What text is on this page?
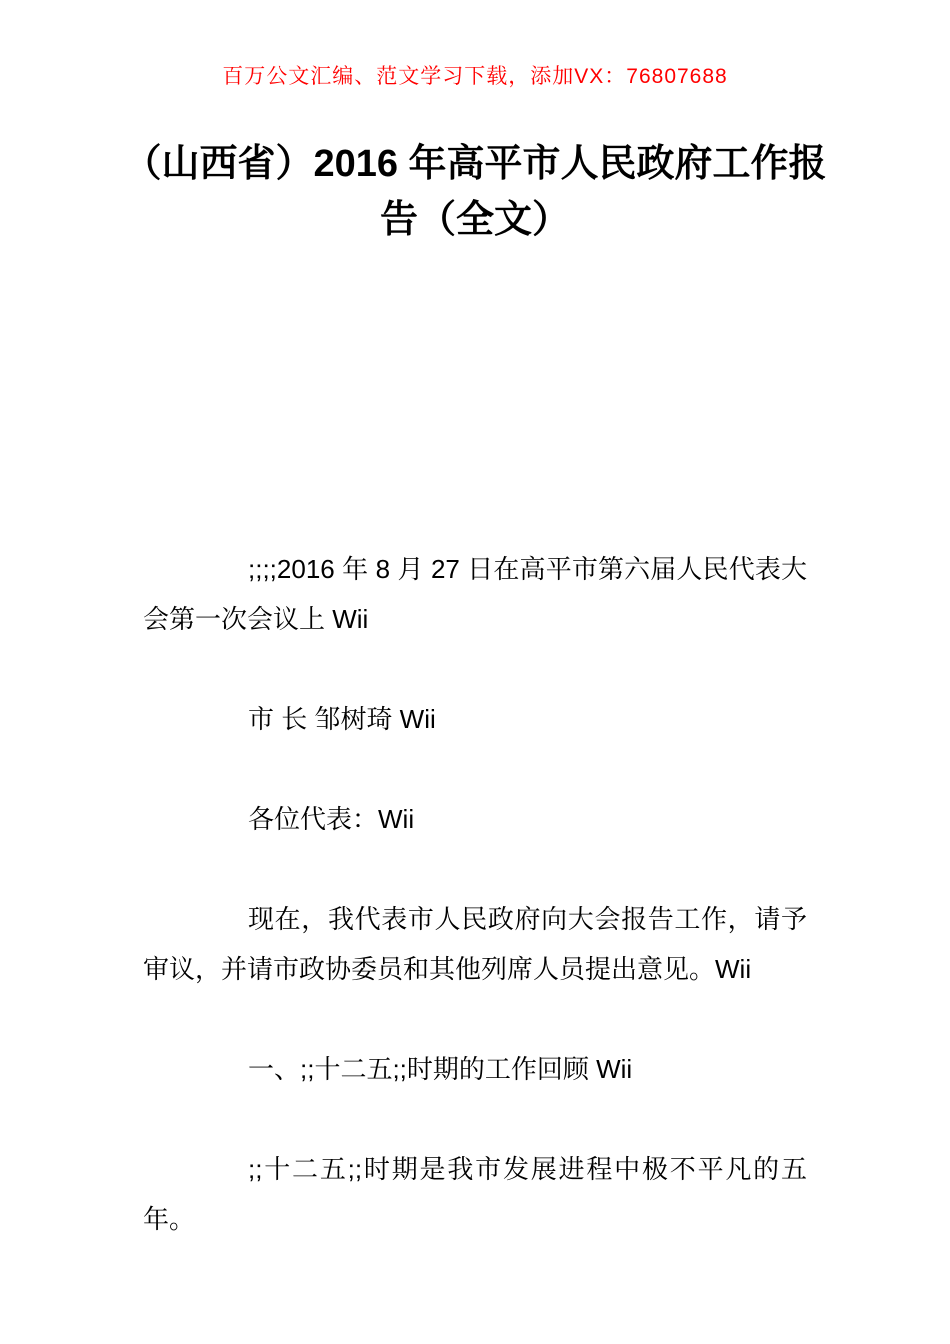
百万公文汇编、范文学习下载，添加VX：76807688
（山西省）2016 年高平市人民政府工作报告（全文）

;;;;2016 年 8 月 27 日在高平市第六届人民代表大会第一次会议上 Wii

市 长 邹树琦 Wii

各位代表：Wii

现在，我代表市人民政府向大会报告工作，请予审议，并请市政协委员和其他列席人员提出意见。Wii

一、;;十二五;;时期的工作回顾 Wii

;;十二五;;时期是我市发展进程中极不平凡的五年。
